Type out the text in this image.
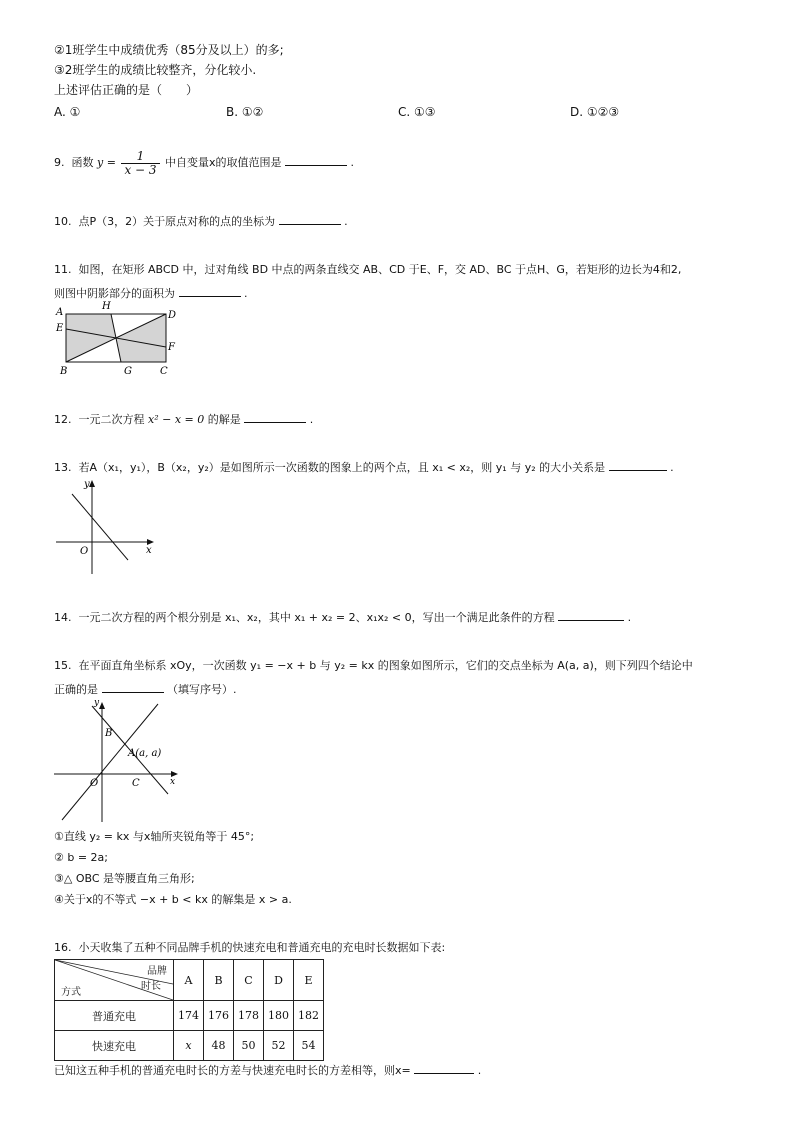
②1班学生中成绩优秀（85分及以上）的多;
③2班学生的成绩比较整齐，分化较小.
上述评估正确的是（　　）
A. ①	B. ①②	C. ①③	D. ①②③
9. 函数 $y = \frac{1}{x - 3}$ 中自变量x的取值范围是	.
10. 点P（3，2）关于原点对称的点的坐标为	.
11. 如图，在矩形 ABCD 中，过对角线 BD 中点的两条直线交 AB、CD 于E、F，交 AD、BC 于点H、G，若矩形的边长为4和2,
则图中阴影部分的面积为	.
A
E
B
H
D
F
G	C
12. 一元二次方程 x² − x = 0 的解是	.
13. 若A（x₁，y₁），B（x₂，y₂）是如图所示一次函数的图象上的两个点，且 x₁ < x₂，则 y₁ 与 y₂ 的大小关系是	.
y
x
O
14. 一元二次方程的两个根分别是 x₁、x₂，其中 x₁ + x₂ = 2、x₁x₂ < 0，写出一个满足此条件的方程	.
15. 在平面直角坐标系 xOy，一次函数 y₁ = −x + b 与 y₂ = kx 的图象如图所示，它们的交点坐标为 A(a, a)，则下列四个结论中
正确的是	（填写序号）.
y
x
O
B
C
A(a, a)
①直线 y₂ = kx 与x轴所夹锐角等于 45°;
② b = 2a;
③△ OBC 是等腰直角三角形;
④关于x的不等式 −x + b < kx 的解集是 x > a.
16. 小天收集了五种不同品牌手机的快速充电和普通充电的充电时长数据如下表:
品牌
时长
方式	A	B	C	D	E
普通充电	174	176	178	180	182
快速充电	x	48	50	52	54
已知这五种手机的普通充电时长的方差与快速充电时长的方差相等，则x=	.
